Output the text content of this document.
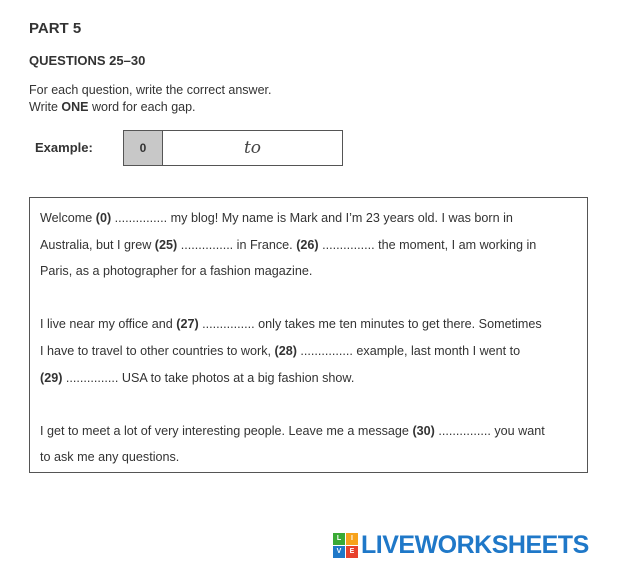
PART 5
QUESTIONS 25–30
For each question, write the correct answer.
Write ONE word for each gap.
Example:	0	to

Welcome (0) ............... my blog! My name is Mark and I’m 23 years old. I was born in

Australia, but I grew (25) ............... in France. (26) ............... the moment, I am working in

Paris, as a photographer for a fashion magazine.

I live near my office and (27) ............... only takes me ten minutes to get there. Sometimes

I have to travel to other countries to work, (28) ............... example, last month I went to

(29) ............... USA to take photos at a big fashion show.

I get to meet a lot of very interesting people. Leave me a message (30) ............... you want

to ask me any questions.

L	I
V	E LIVEWORKSHEETS
